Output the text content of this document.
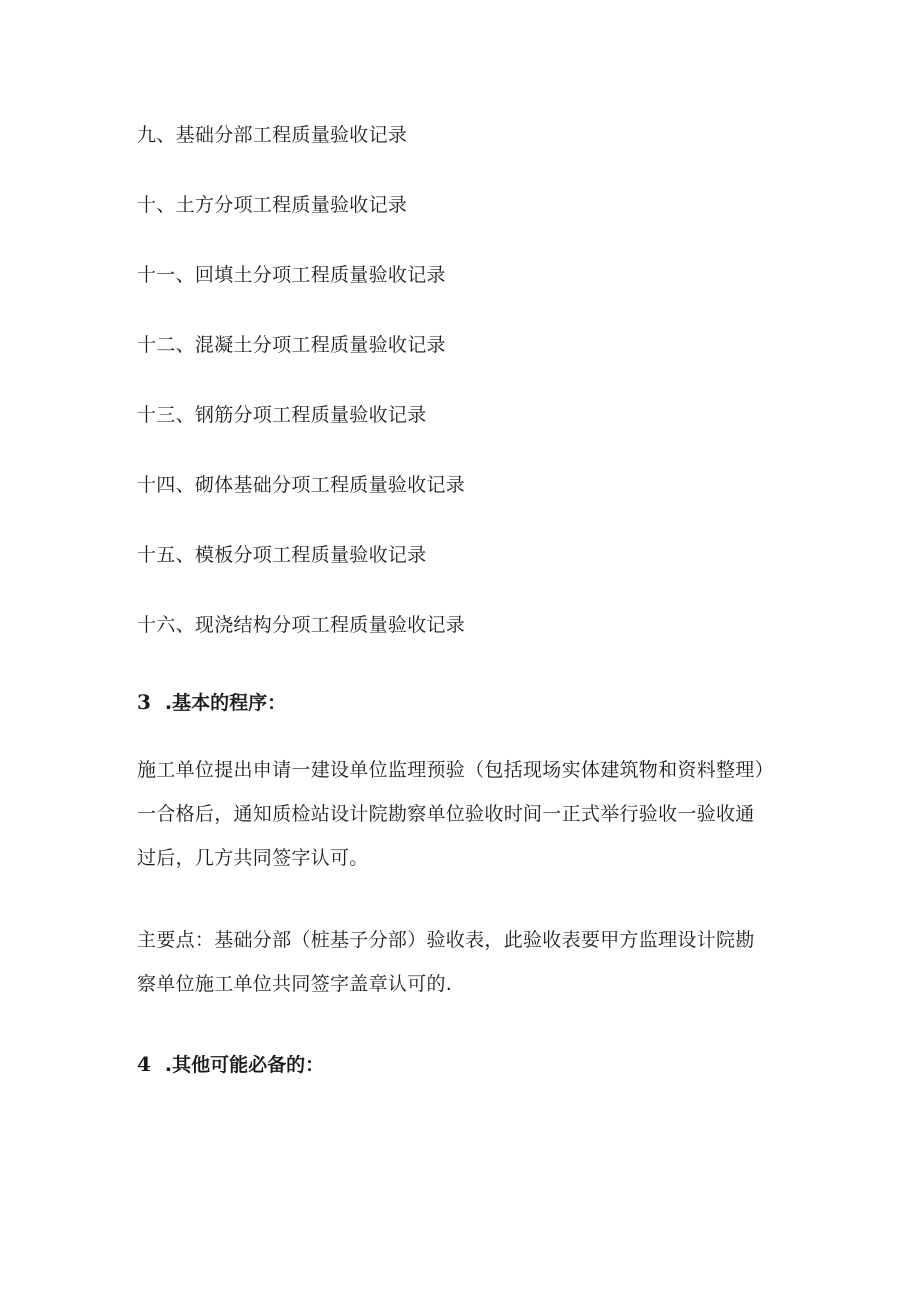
九、基础分部工程质量验收记录
十、土方分项工程质量验收记录
十一、回填土分项工程质量验收记录
十二、混凝土分项工程质量验收记录
十三、钢筋分项工程质量验收记录
十四、砌体基础分项工程质量验收记录
十五、模板分项工程质量验收记录
十六、现浇结构分项工程质量验收记录
3 .基本的程序：
施工单位提出申请一建设单位监理预验（包括现场实体建筑物和资料整理）
一合格后，通知质检站设计院勘察单位验收时间一正式举行验收一验收通
过后，几方共同签字认可。
主要点：基础分部（桩基子分部）验收表，此验收表要甲方监理设计院勘
察单位施工单位共同签字盖章认可的.
4 .其他可能必备的：
